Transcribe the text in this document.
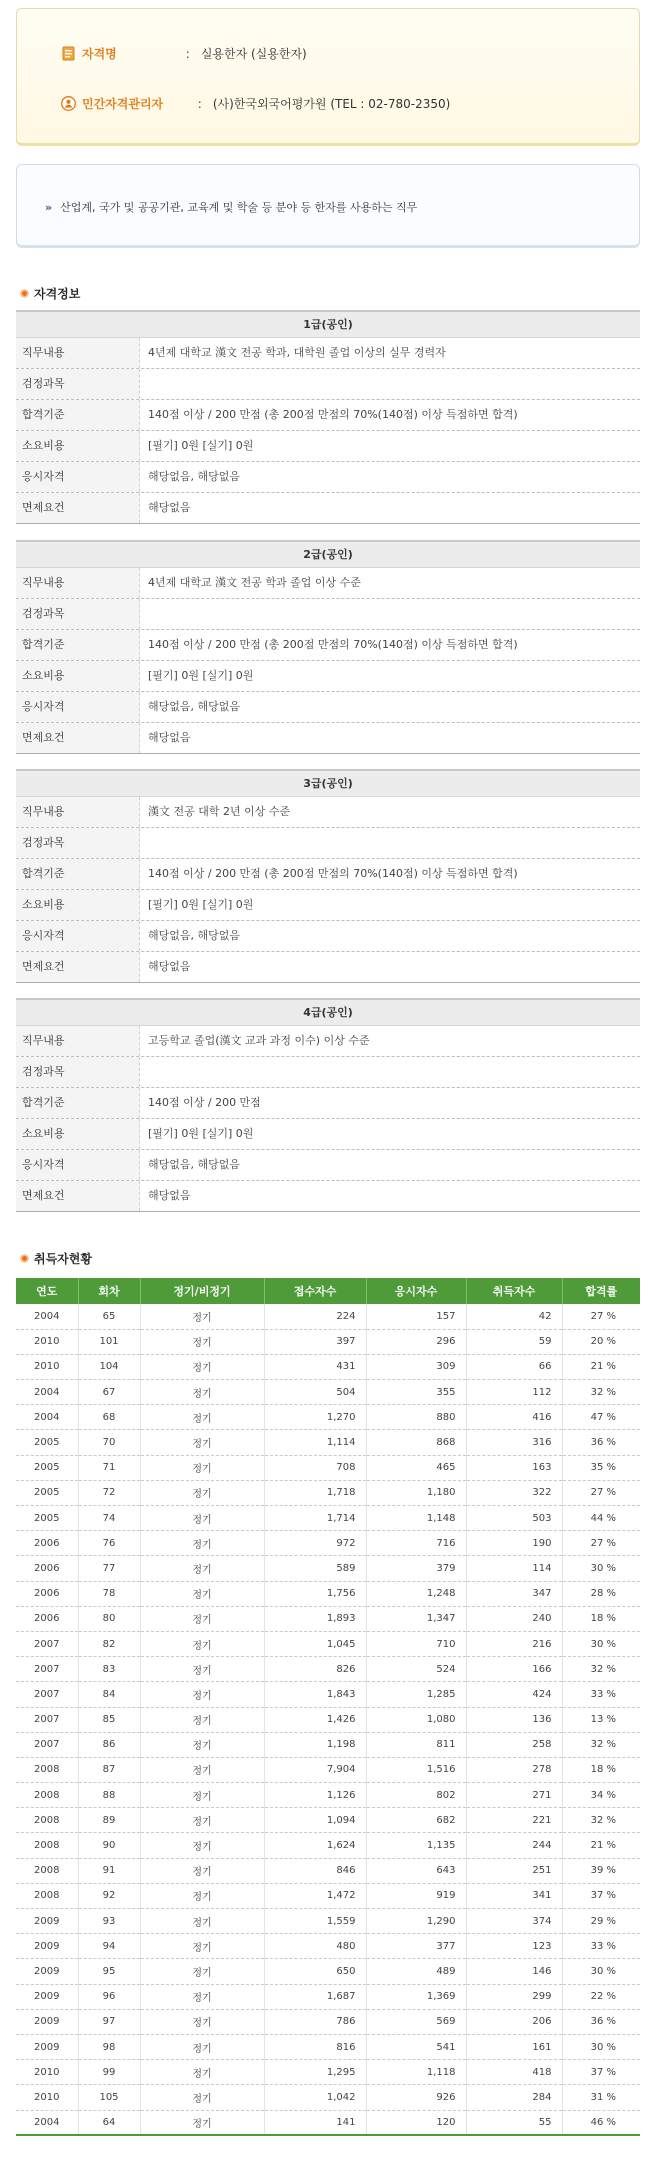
자격명	： 실용한자 (실용한자)
민간자격관리자	： (사)한국외국어평가원 (TEL : 02-780-2350)
» 산업계, 국가 및 공공기관, 교육계 및 학술 등 분야 등 한자를 사용하는 직무
자격정보
1급(공인)
직무내용	4년제 대학교 漢文 전공 학과, 대학원 졸업 이상의 실무 경력자
검정과목
합격기준	140점 이상 / 200 만점 (총 200점 만점의 70%(140점) 이상 득점하면 합격)
소요비용	[필기] 0원 [실기] 0원
응시자격	해당없음, 해당없음
면제요건	해당없음
2급(공인)
직무내용	4년제 대학교 漢文 전공 학과 졸업 이상 수준
검정과목
합격기준	140점 이상 / 200 만점 (총 200점 만점의 70%(140점) 이상 득점하면 합격)
소요비용	[필기] 0원 [실기] 0원
응시자격	해당없음, 해당없음
면제요건	해당없음
3급(공인)
직무내용	漢文 전공 대학 2년 이상 수준
검정과목
합격기준	140점 이상 / 200 만점 (총 200점 만점의 70%(140점) 이상 득점하면 합격)
소요비용	[필기] 0원 [실기] 0원
응시자격	해당없음, 해당없음
면제요건	해당없음
4급(공인)
직무내용	고등학교 졸업(漢文 교과 과정 이수) 이상 수준
검정과목
합격기준	140점 이상 / 200 만점
소요비용	[필기] 0원 [실기] 0원
응시자격	해당없음, 해당없음
면제요건	해당없음
취득자현황
연도	회차	정기/비정기	접수자수	응시자수	취득자수	합격률
2004	65	정기	224	157	42	27 %
2010	101	정기	397	296	59	20 %
2010	104	정기	431	309	66	21 %
2004	67	정기	504	355	112	32 %
2004	68	정기	1,270	880	416	47 %
2005	70	정기	1,114	868	316	36 %
2005	71	정기	708	465	163	35 %
2005	72	정기	1,718	1,180	322	27 %
2005	74	정기	1,714	1,148	503	44 %
2006	76	정기	972	716	190	27 %
2006	77	정기	589	379	114	30 %
2006	78	정기	1,756	1,248	347	28 %
2006	80	정기	1,893	1,347	240	18 %
2007	82	정기	1,045	710	216	30 %
2007	83	정기	826	524	166	32 %
2007	84	정기	1,843	1,285	424	33 %
2007	85	정기	1,426	1,080	136	13 %
2007	86	정기	1,198	811	258	32 %
2008	87	정기	7,904	1,516	278	18 %
2008	88	정기	1,126	802	271	34 %
2008	89	정기	1,094	682	221	32 %
2008	90	정기	1,624	1,135	244	21 %
2008	91	정기	846	643	251	39 %
2008	92	정기	1,472	919	341	37 %
2009	93	정기	1,559	1,290	374	29 %
2009	94	정기	480	377	123	33 %
2009	95	정기	650	489	146	30 %
2009	96	정기	1,687	1,369	299	22 %
2009	97	정기	786	569	206	36 %
2009	98	정기	816	541	161	30 %
2010	99	정기	1,295	1,118	418	37 %
2010	105	정기	1,042	926	284	31 %
2004	64	정기	141	120	55	46 %
